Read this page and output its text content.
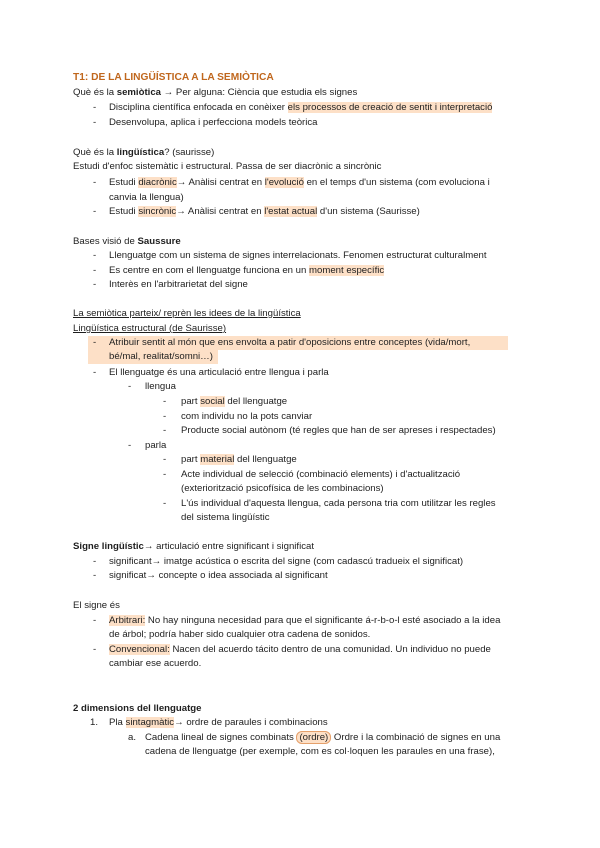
T1: DE LA LINGÜÍSTICA A LA SEMIÒTICA
Què és la semiòtica → Per alguna: Ciència que estudia els signes
- Disciplina científica enfocada en conèixer els processos de creació de sentit i interpretació
- Desenvolupa, aplica i perfecciona models teòrica
Què és la lingüística? (saurisse)
Estudi d'enfoc sistemàtic i estructural. Passa de ser diacrònic a sincrònic
- Estudi diacrònic→ Anàlisi centrat en l'evolució en el temps d'un sistema (com evoluciona i
canvia la llengua)
- Estudi sincrònic→ Anàlisi centrat en l'estat actual d'un sistema (Saurisse)
Bases visió de Saussure
- Llenguatge com un sistema de signes interrelacionats. Fenomen estructurat culturalment
- Es centre en com el llenguatge funciona en un moment específic
- Interès en l'arbitrarietat del signe
La semiòtica parteix/ reprèn les idees de la lingüística
Lingüística estructural (de Saurisse)
- Atribuir sentit al món que ens envolta a patir d'oposicions entre conceptes (vida/mort,
bé/mal, realitat/somni…)
- El llenguatge és una articulació entre llengua i parla
- llengua
- part social del llenguatge
- com individu no la pots canviar
- Producte social autònom (té regles que han de ser apreses i respectades)
- parla
- part material del llenguatge
- Acte individual de selecció (combinació elements) i d'actualització
(exteriorització psicofísica de les combinacions)
- L'ús individual d'aquesta llengua, cada persona tria com utilitzar les regles
del sistema lingüístic
Signe lingüístic→ articulació entre significant i significat
- significant→ imatge acústica o escrita del signe (com cadascú tradueix el significat)
- significat→ concepte o idea associada al significant
El signe és
- Arbitrari: No hay ninguna necesidad para que el significante á-r-b-o-l esté asociado a la idea
de árbol; podría haber sido cualquier otra cadena de sonidos.
- Convencional: Nacen del acuerdo tácito dentro de una comunidad. Un individuo no puede
cambiar ese acuerdo.
2 dimensions del llenguatge
1. Pla sintagmàtic→ ordre de paraules i combinacions
a. Cadena lineal de signes combinats (ordre) Ordre i la combinació de signes en una
cadena de llenguatge (per exemple, com es col·loquen les paraules en una frase),
